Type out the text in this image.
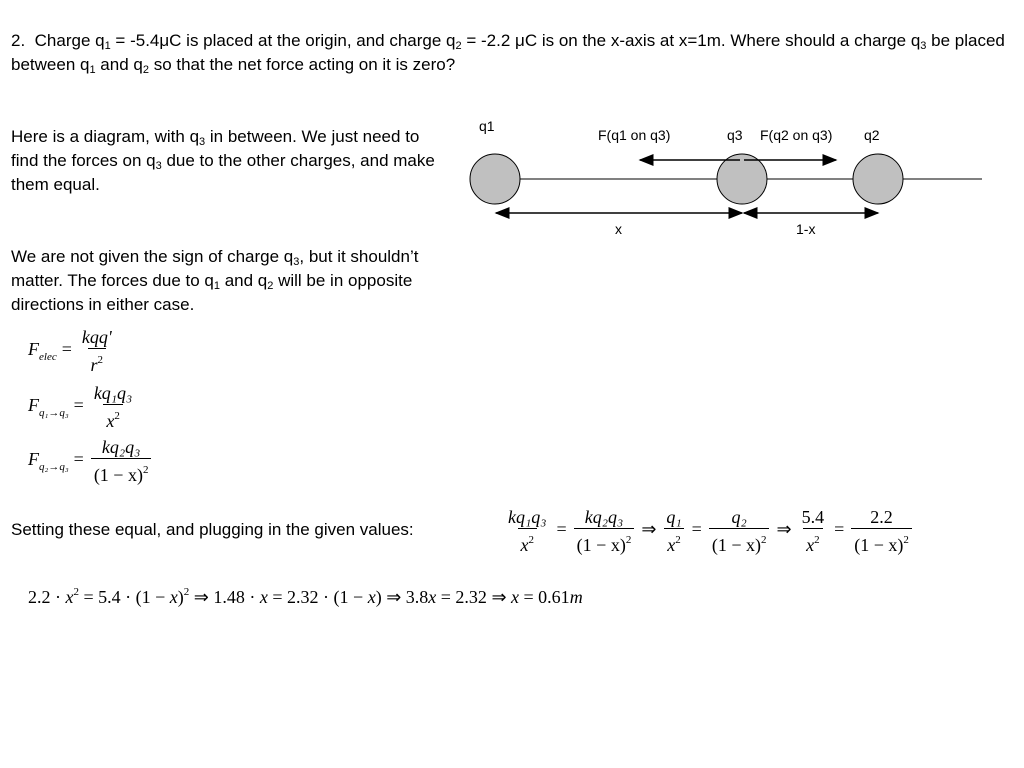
2. Charge $q_1 = -5.4\mu C$ is placed at the origin, and charge $q_2 = -2.2$ μC is on the x-axis at x=1m. Where should a charge $q_3$ be placed between $q_1$ and $q_2$ so that the net force acting on it is zero?
Here is a diagram, with $q_3$ in between. We just need to find the forces on $q_3$ due to the other charges, and make them equal.
We are not given the sign of charge $q_3$, but it shouldn’t matter. The forces due to $q_1$ and $q_2$ will be in opposite directions in either case.
q1
F(q1 on q3)	q3 F(q2 on q3) q2
x	1-x
$F_{elec} = \frac{\text{kqq'}}{r^2}$
$F_{q_1\to q_3} = \frac{\text{kq₁q₃}}{x^2}$
$F_{q_2\to q_3} = \frac{\text{kq₂q₃}}{(1 - x)^2}$
Setting these equal, and plugging in the given values:	$\frac{\text{kq₁q₃}}{x^2} = \frac{\text{kq₂q₃}}{(1 - x)^2}$ ⇒ $\frac{\text{q₁}}{x^2} = \frac{\text{q₂}}{(1 - x)^2}$ ⇒ $\frac{5.4}{x^2} = \frac{2.2}{(1 - x)^2}$
$2.2 \cdot x^2 = 5.4 \cdot (1 - x)^2$ ⇒ 1.48 · x = 2.32 · (1 − x) ⇒ 3.8x = 2.32 ⇒ x = 0.61m
